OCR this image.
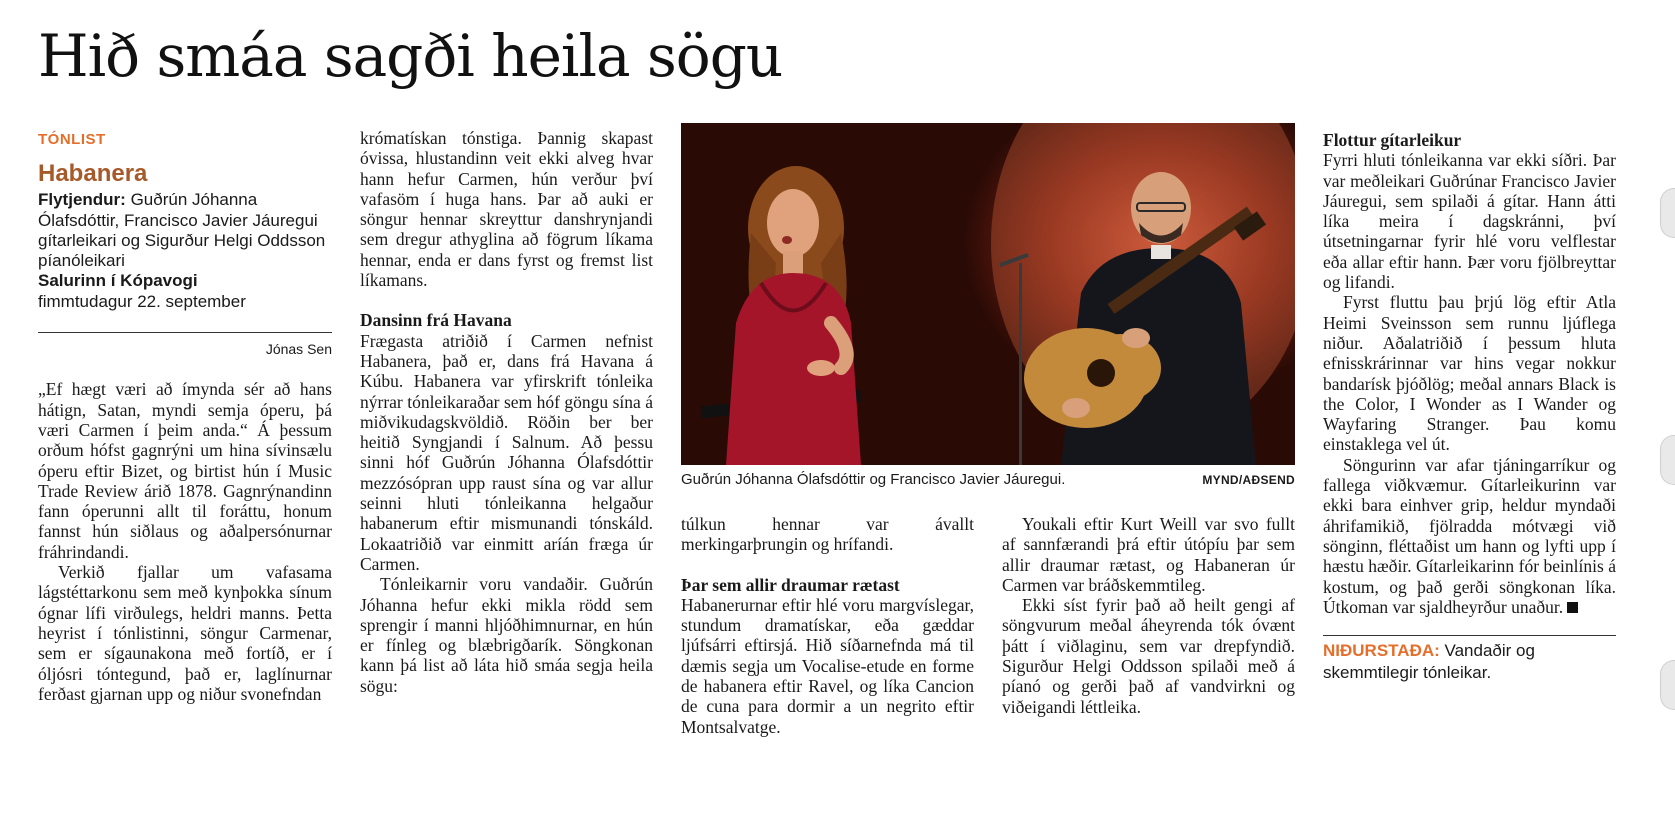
Hið smáa sagði heila sögu
TÓNLIST
Habanera
Flytjendur: Guðrún Jóhanna Ólafsdóttir, Francisco Javier Jáuregui gítarleikari og Sigurður Helgi Oddsson píanóleikari
Salurinn í Kópavogi
fimmtudagur 22. september
Jónas Sen

„Ef hægt væri að ímynda sér að hans hátign, Satan, myndi semja óperu, þá væri Carmen í þeim anda.“ Á þessum orðum hófst gagnrýni um hina sívinsælu óperu eftir Bizet, og birtist hún í Music Trade Review árið 1878. Gagnrýnandinn fann óperunni allt til foráttu, honum fannst hún siðlaus og aðalpersónurnar fráhrindandi.

Verkið fjallar um vafasama lágstéttarkonu sem með kynþokka sínum ógnar lífi virðulegs, heldri manns. Þetta heyrist í tónlistinni, söngur Carmenar, sem er sígaunakona með fortíð, er í óljósri tóntegund, það er, laglínurnar ferðast gjarnan upp og niður svonefndan

krómatískan tónstiga. Þannig skapast óvissa, hlustandinn veit ekki alveg hvar hann hefur Carmen, hún verður því vafasöm í huga hans. Þar að auki er söngur hennar skreyttur danshrynjandi sem dregur athyglina að fögrum líkama hennar, enda er dans fyrst og fremst list líkamans.

Dansinn frá Havana

Frægasta atriðið í Carmen nefnist Habanera, það er, dans frá Havana á Kúbu. Habanera var yfirskrift tónleika nýrrar tónleikaraðar sem hóf göngu sína á miðvikudagskvöldið. Röðin ber ber heitið Syngjandi í Salnum. Að þessu sinni hóf Guðrún Jóhanna Ólafsdóttir mezzósópran upp raust sína og var allur seinni hluti tónleikanna helgaður habanerum eftir mismunandi tónskáld. Lokaatriðið var einmitt aríán fræga úr Carmen.

Tónleikarnir voru vandaðir. Guðrún Jóhanna hefur ekki mikla rödd sem sprengir í manni hljóðhimnurnar, en hún er fínleg og blæbrigðarík. Söngkonan kann þá list að láta hið smáa segja heila sögu:

Guðrún Jóhanna Ólafsdóttir og Francisco Javier Jáuregui.	MYND/AÐSEND

túlkun hennar var ávallt merkingarþrungin og hrífandi.

Þar sem allir draumar rætast

Habanerurnar eftir hlé voru margvíslegar, stundum dramatískar, eða gæddar ljúfsárri eftirsjá. Hið síðarnefnda má til dæmis segja um Vocalise-etude en forme de habanera eftir Ravel, og líka Cancion de cuna para dormir a un negrito eftir Montsalvatge.

Youkali eftir Kurt Weill var svo fullt af sannfærandi þrá eftir útópíu þar sem allir draumar rætast, og Habaneran úr Carmen var bráðskemmtileg.

Ekki síst fyrir það að heilt gengi af söngvurum meðal áheyrenda tók óvænt þátt í viðlaginu, sem var drepfyndið. Sigurður Helgi Oddsson spilaði með á píanó og gerði það af vandvirkni og viðeigandi léttleika.

Flottur gítarleikur

Fyrri hluti tónleikanna var ekki síðri. Þar var meðleikari Guðrúnar Francisco Javier Jáuregui, sem spilaði á gítar. Hann átti líka meira í dagskránni, því útsetningarnar fyrir hlé voru velflestar eða allar eftir hann. Þær voru fjölbreyttar og lifandi.

Fyrst fluttu þau þrjú lög eftir Atla Heimi Sveinsson sem runnu ljúflega niður. Aðalatriðið í þessum hluta efnisskrárinnar var hins vegar nokkur bandarísk þjóðlög; meðal annars Black is the Color, I Wonder as I Wander og Wayfaring Stranger. Þau komu einstaklega vel út.

Söngurinn var afar tjáningarríkur og fallega viðkvæmur. Gítarleikurinn var ekki bara einhver grip, heldur myndaði áhrifamikið, fjölradda mótvægi við sönginn, fléttaðist um hann og lyfti upp í hæstu hæðir. Gítarleikarinn fór beinlínis á kostum, og það gerði söngkonan líka. Útkoman var sjaldheyrður unaður.

NIÐURSTAÐA: Vandaðir og skemmtilegir tónleikar.
